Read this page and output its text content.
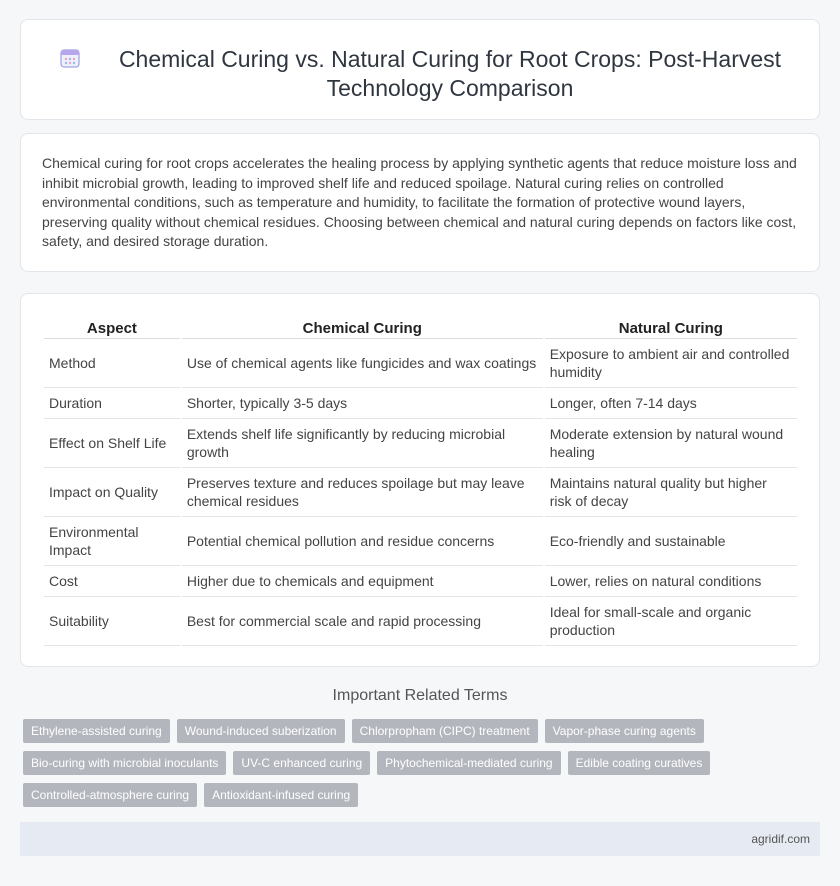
Chemical Curing vs. Natural Curing for Root Crops: Post-Harvest Technology Comparison

Chemical curing for root crops accelerates the healing process by applying synthetic agents that reduce moisture loss and inhibit microbial growth, leading to improved shelf life and reduced spoilage. Natural curing relies on controlled environmental conditions, such as temperature and humidity, to facilitate the formation of protective wound layers, preserving quality without chemical residues. Choosing between chemical and natural curing depends on factors like cost, safety, and desired storage duration.

Aspect	Chemical Curing	Natural Curing
Method	Use of chemical agents like fungicides and wax coatings	Exposure to ambient air and controlled humidity
Duration	Shorter, typically 3-5 days	Longer, often 7-14 days
Effect on Shelf Life	Extends shelf life significantly by reducing microbial growth	Moderate extension by natural wound healing
Impact on Quality	Preserves texture and reduces spoilage but may leave chemical residues	Maintains natural quality but higher risk of decay
Environmental Impact	Potential chemical pollution and residue concerns	Eco-friendly and sustainable
Cost	Higher due to chemicals and equipment	Lower, relies on natural conditions
Suitability	Best for commercial scale and rapid processing	Ideal for small-scale and organic production
Important Related Terms
Ethylene-assisted curing	Wound-induced suberization	Chlorpropham (CIPC) treatment	Vapor-phase curing agents
Bio-curing with microbial inoculants	UV-C enhanced curing	Phytochemical-mediated curing	Edible coating curatives
Controlled-atmosphere curing	Antioxidant-infused curing
agridif.com
